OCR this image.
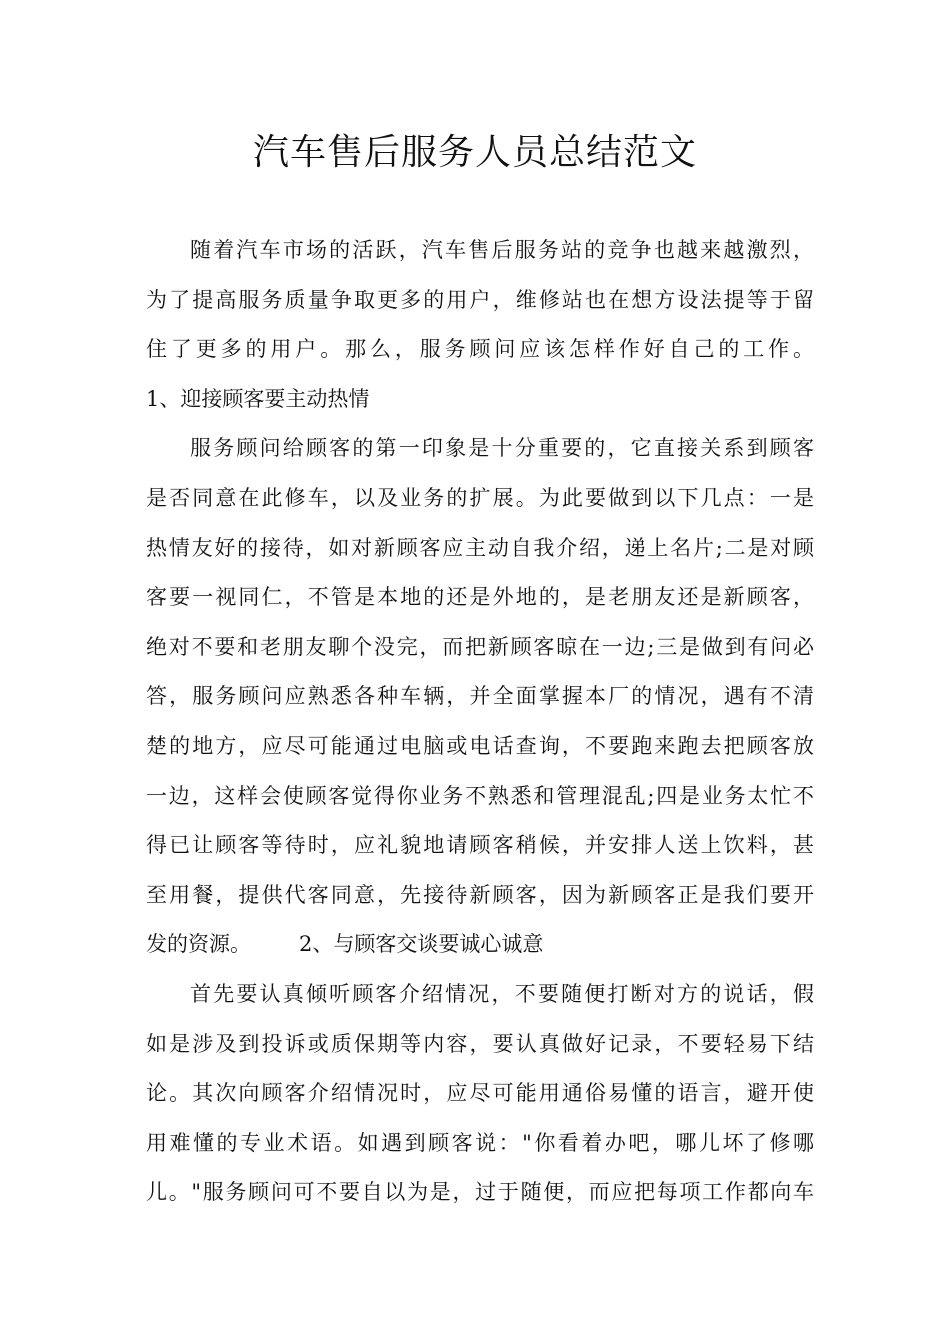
汽车售后服务人员总结范文
随着汽车市场的活跃，汽车售后服务站的竞争也越来越激烈，
为了提高服务质量争取更多的用户，维修站也在想方设法提等于留
住了更多的用户。那么，服务顾问应该怎样作好自己的工作。
1、迎接顾客要主动热情
服务顾问给顾客的第一印象是十分重要的，它直接关系到顾客
是否同意在此修车，以及业务的扩展。为此要做到以下几点：一是
热情友好的接待，如对新顾客应主动自我介绍，递上名片;二是对顾
客要一视同仁，不管是本地的还是外地的，是老朋友还是新顾客，
绝对不要和老朋友聊个没完，而把新顾客晾在一边;三是做到有问必
答，服务顾问应熟悉各种车辆，并全面掌握本厂的情况，遇有不清
楚的地方，应尽可能通过电脑或电话查询，不要跑来跑去把顾客放
一边，这样会使顾客觉得你业务不熟悉和管理混乱;四是业务太忙不
得已让顾客等待时，应礼貌地请顾客稍候，并安排人送上饮料，甚
至用餐，提供代客同意，先接待新顾客，因为新顾客正是我们要开
发的资源。 2、与顾客交谈要诚心诚意
首先要认真倾听顾客介绍情况，不要随便打断对方的说话，假
如是涉及到投诉或质保期等内容，要认真做好记录，不要轻易下结
论。其次向顾客介绍情况时，应尽可能用通俗易懂的语言，避开使
用难懂的专业术语。如遇到顾客说："你看着办吧，哪儿坏了修哪
儿。"服务顾问可不要自以为是，过于随便，而应把每项工作都向车
